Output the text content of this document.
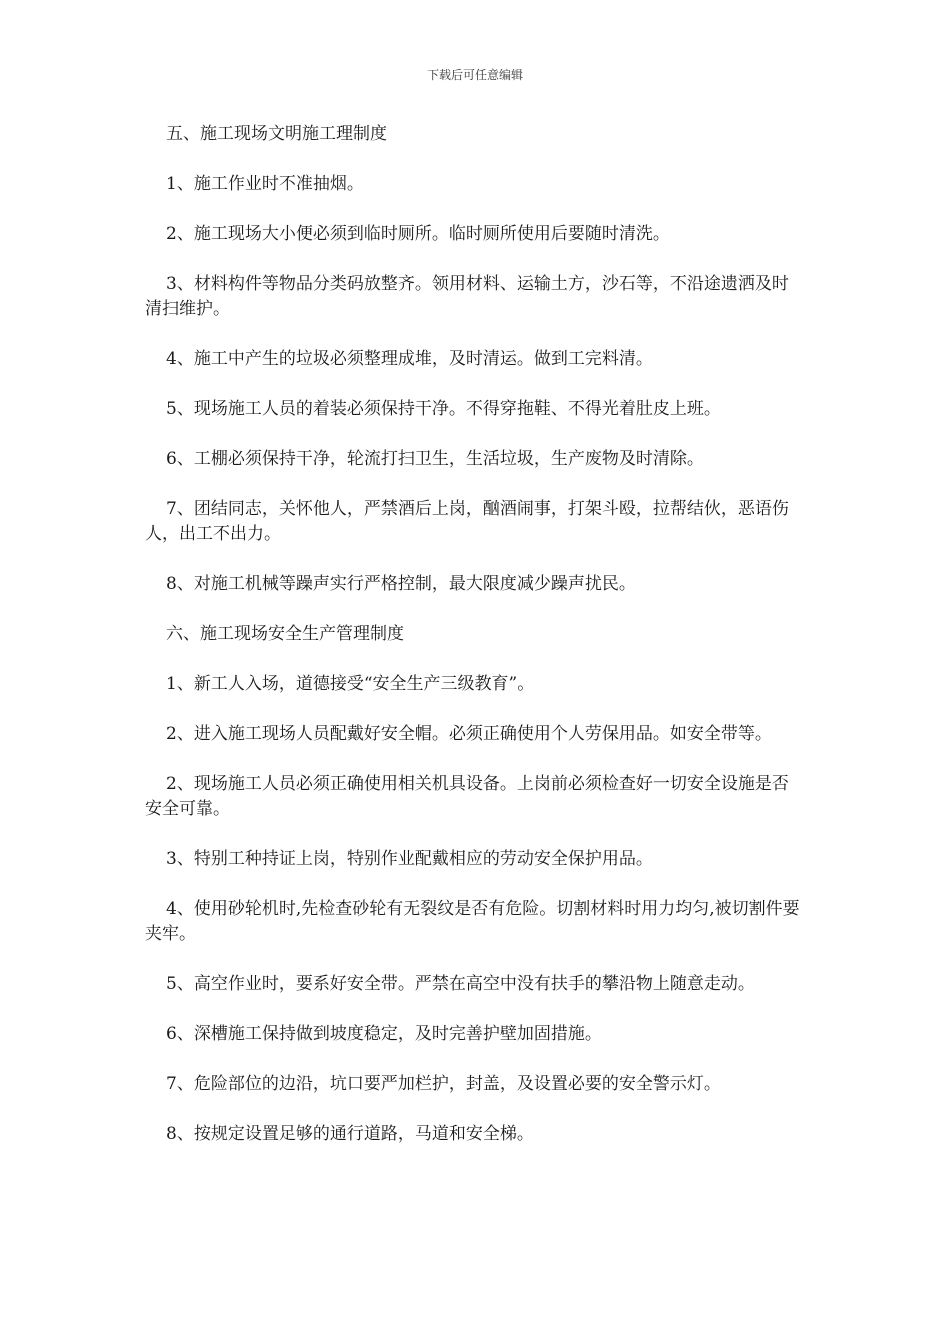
下载后可任意编辑

五、施工现场文明施工理制度

1、施工作业时不准抽烟。

2、施工现场大小便必须到临时厕所。临时厕所使用后要随时清洗。

3、材料构件等物品分类码放整齐。领用材料、运输土方，沙石等，不沿途遗洒及时清扫维护。

4、施工中产生的垃圾必须整理成堆，及时清运。做到工完料清。

5、现场施工人员的着装必须保持干净。不得穿拖鞋、不得光着肚皮上班。

6、工棚必须保持干净，轮流打扫卫生，生活垃圾，生产废物及时清除。

7、团结同志，关怀他人，严禁酒后上岗，酗酒闹事，打架斗殴，拉帮结伙，恶语伤人，出工不出力。

8、对施工机械等躁声实行严格控制，最大限度减少躁声扰民。

六、施工现场安全生产管理制度

1、新工人入场，道德接受“安全生产三级教育”。

2、进入施工现场人员配戴好安全帽。必须正确使用个人劳保用品。如安全带等。

2、现场施工人员必须正确使用相关机具设备。上岗前必须检查好一切安全设施是否安全可靠。

3、特别工种持证上岗，特别作业配戴相应的劳动安全保护用品。

4、使用砂轮机时,先检查砂轮有无裂纹是否有危险。切割材料时用力均匀,被切割件要夹牢。

5、高空作业时，要系好安全带。严禁在高空中没有扶手的攀沿物上随意走动。

6、深槽施工保持做到坡度稳定，及时完善护壁加固措施。

7、危险部位的边沿，坑口要严加栏护，封盖，及设置必要的安全警示灯。

8、按规定设置足够的通行道路，马道和安全梯。
